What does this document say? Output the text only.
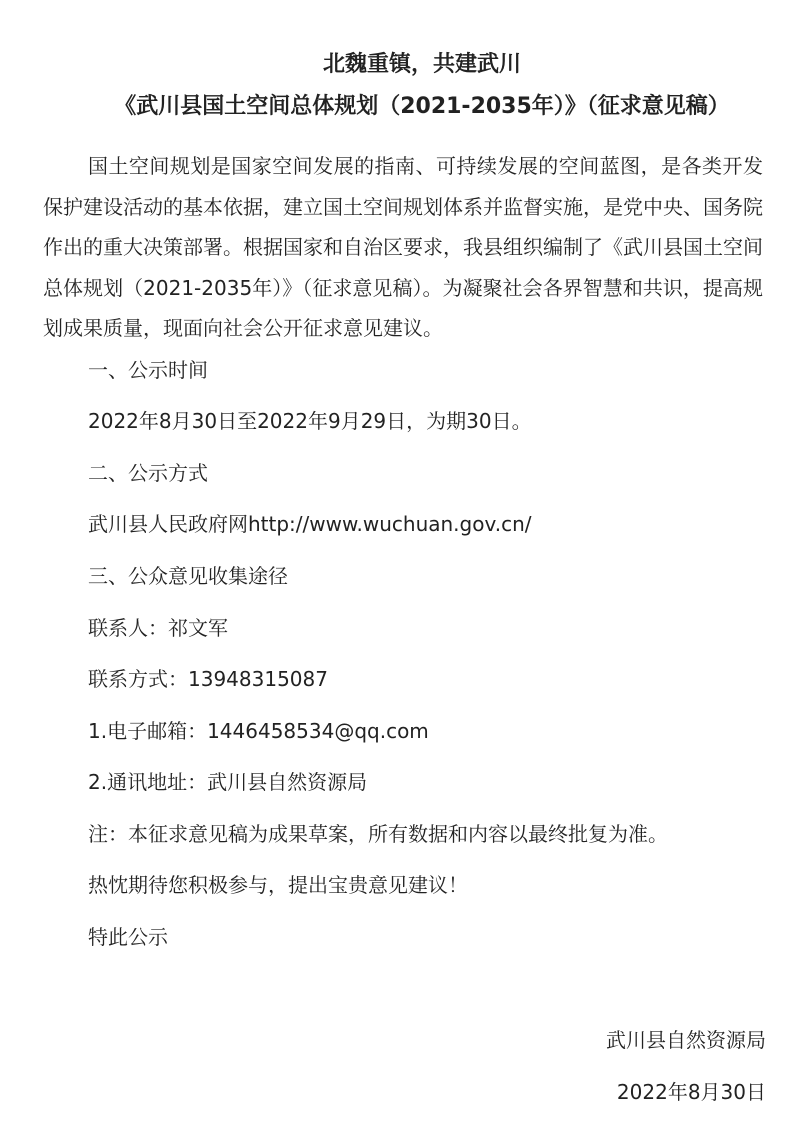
北魏重镇，共建武川
《武川县国土空间总体规划（2021-2035年）》（征求意见稿）

国土空间规划是国家空间发展的指南、可持续发展的空间蓝图，是各类开发保护建设活动的基本依据，建立国土空间规划体系并监督实施，是党中央、国务院作出的重大决策部署。根据国家和自治区要求，我县组织编制了《武川县国土空间总体规划（2021-2035年）》（征求意见稿）。为凝聚社会各界智慧和共识，提高规划成果质量，现面向社会公开征求意见建议。

一、公示时间

2022年8月30日至2022年9月29日，为期30日。

二、公示方式

武川县人民政府网http://www.wuchuan.gov.cn/

三、公众意见收集途径

联系人：祁文军

联系方式：13948315087

1.电子邮箱：1446458534@qq.com

2.通讯地址：武川县自然资源局

注：本征求意见稿为成果草案，所有数据和内容以最终批复为准。

热忱期待您积极参与，提出宝贵意见建议！

特此公示

武川县自然资源局
2022年8月30日
